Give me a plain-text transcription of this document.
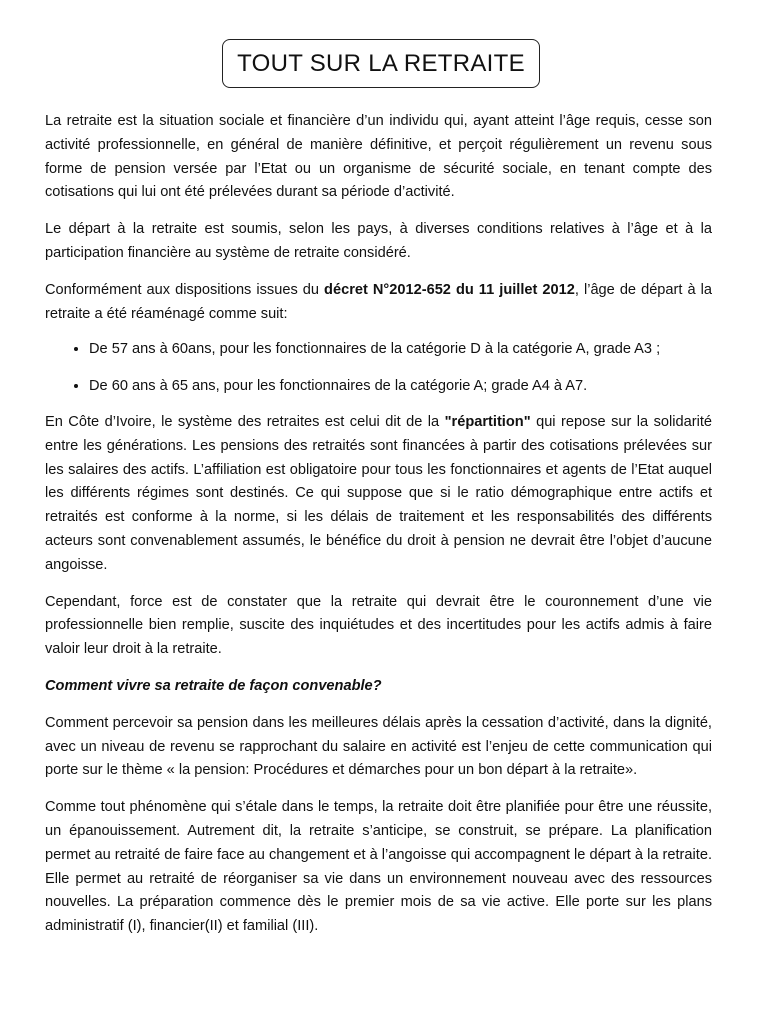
TOUT SUR LA RETRAITE

La retraite est la situation sociale et financière d’un individu qui, ayant atteint l’âge requis, cesse son activité professionnelle, en général de manière définitive, et perçoit régulièrement un revenu sous forme de pension versée par l’Etat ou un organisme de sécurité sociale, en tenant compte des cotisations qui lui ont été prélevées durant sa période d’activité.

Le départ à la retraite est soumis, selon les pays, à diverses conditions relatives à l’âge et à la participation financière au système de retraite considéré.

Conformément aux dispositions issues du décret N°2012-652 du 11 juillet 2012, l’âge de départ à la retraite a été réaménagé comme suit:

• De 57 ans à 60ans, pour les fonctionnaires de la catégorie D à la catégorie A, grade A3 ;
• De 60 ans à 65 ans, pour les fonctionnaires de la catégorie A; grade A4 à A7.

En Côte d’Ivoire, le système des retraites est celui dit de la "répartition" qui repose sur la solidarité entre les générations. Les pensions des retraités sont financées à partir des cotisations prélevées sur les salaires des actifs. L’affiliation est obligatoire pour tous les fonctionnaires et agents de l’Etat auquel les différents régimes sont destinés. Ce qui suppose que si le ratio démographique entre actifs et retraités est conforme à la norme, si les délais de traitement et les responsabilités des différents acteurs sont convenablement assumés, le bénéfice du droit à pension ne devrait être l’objet d’aucune angoisse.

Cependant, force est de constater que la retraite qui devrait être le couronnement d’une vie professionnelle bien remplie, suscite des inquiétudes et des incertitudes pour les actifs admis à faire valoir leur droit à la retraite.

Comment vivre sa retraite de façon convenable?

Comment percevoir sa pension dans les meilleures délais après la cessation d’activité, dans la dignité, avec un niveau de revenu se rapprochant du salaire en activité est l’enjeu de cette communication qui porte sur le thème « la pension: Procédures et démarches pour un bon départ à la retraite».

Comme tout phénomène qui s’étale dans le temps, la retraite doit être planifiée pour être une réussite, un épanouissement. Autrement dit, la retraite s’anticipe, se construit, se prépare. La planification permet au retraité de faire face au changement et à l’angoisse qui accompagnent le départ à la retraite. Elle permet au retraité de réorganiser sa vie dans un environnement nouveau avec des ressources nouvelles. La préparation commence dès le premier mois de sa vie active. Elle porte sur les plans administratif (I), financier(II) et familial (III).
